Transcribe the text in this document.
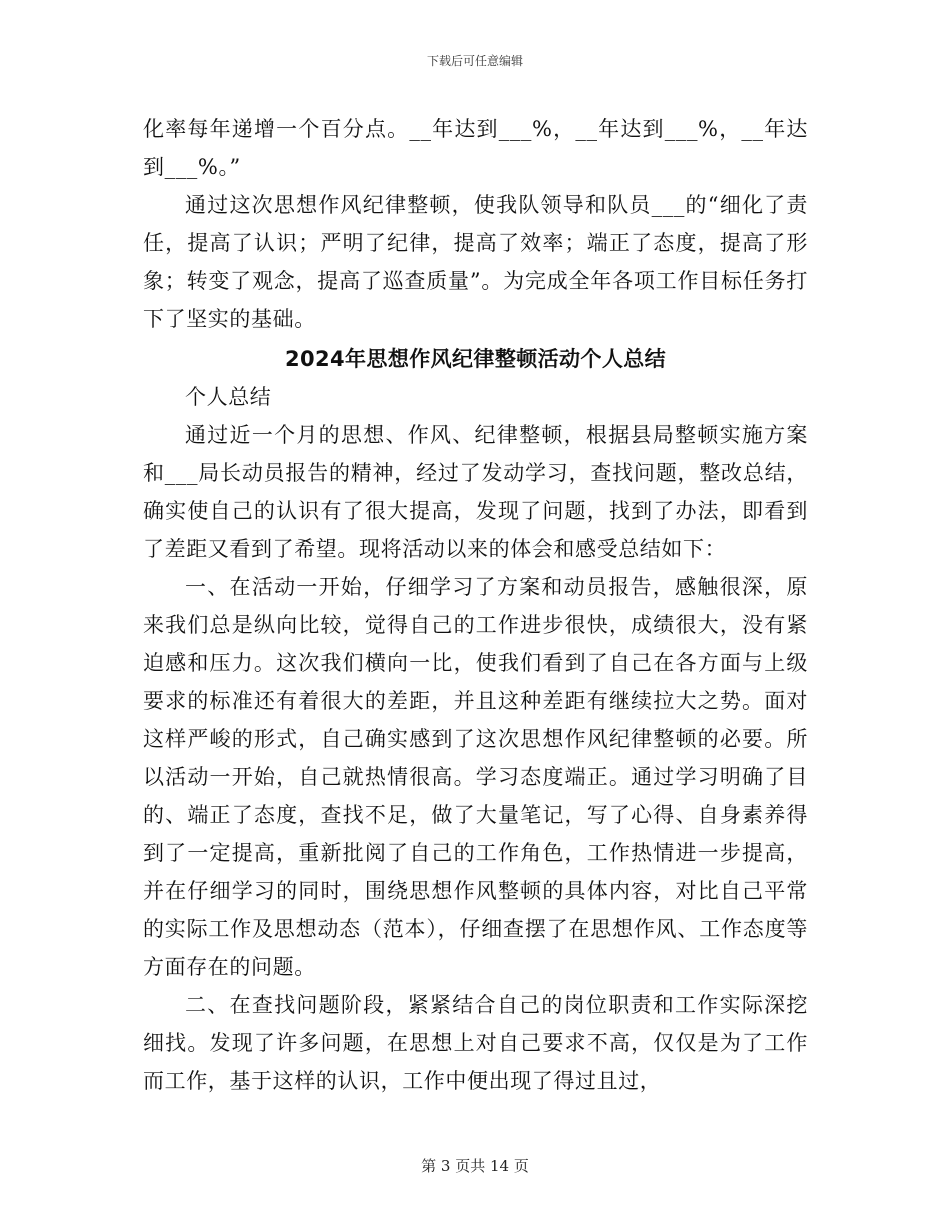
下载后可任意编辑

化率每年递增一个百分点。__年达到___%，__年达到___%，__年达到___%。”

通过这次思想作风纪律整顿，使我队领导和队员___的“细化了责任，提高了认识；严明了纪律，提高了效率；端正了态度，提高了形象；转变了观念，提高了巡查质量”。为完成全年各项工作目标任务打下了坚实的基础。

2024年思想作风纪律整顿活动个人总结

个人总结

通过近一个月的思想、作风、纪律整顿，根据县局整顿实施方案和___局长动员报告的精神，经过了发动学习，查找问题，整改总结，确实使自己的认识有了很大提高，发现了问题，找到了办法，即看到了差距又看到了希望。现将活动以来的体会和感受总结如下：

一、在活动一开始，仔细学习了方案和动员报告，感触很深，原来我们总是纵向比较，觉得自己的工作进步很快，成绩很大，没有紧迫感和压力。这次我们横向一比，使我们看到了自己在各方面与上级要求的标准还有着很大的差距，并且这种差距有继续拉大之势。面对这样严峻的形式，自己确实感到了这次思想作风纪律整顿的必要。所以活动一开始，自己就热情很高。学习态度端正。通过学习明确了目的、端正了态度，查找不足，做了大量笔记，写了心得、自身素养得到了一定提高，重新批阅了自己的工作角色，工作热情进一步提高，并在仔细学习的同时，围绕思想作风整顿的具体内容，对比自己平常的实际工作及思想动态（范本），仔细查摆了在思想作风、工作态度等方面存在的问题。

二、在查找问题阶段，紧紧结合自己的岗位职责和工作实际深挖细找。发现了许多问题，在思想上对自己要求不高，仅仅是为了工作而工作，基于这样的认识，工作中便出现了得过且过，

第 3 页共 14 页
